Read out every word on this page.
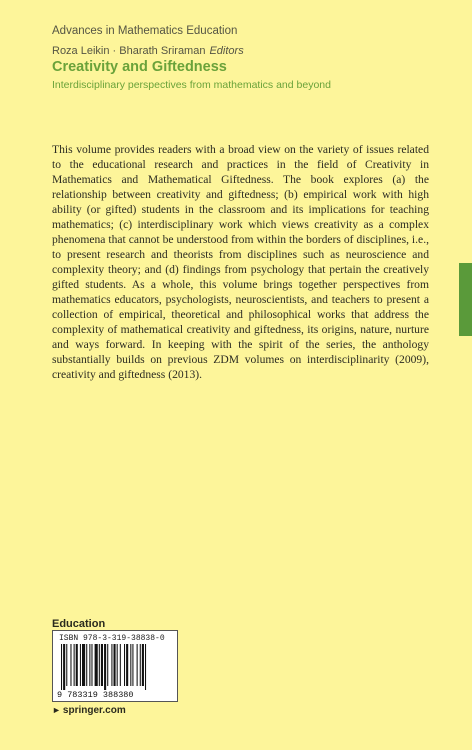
Advances in Mathematics Education
Roza Leikin · Bharath Sriraman Editors
Creativity and Giftedness
Interdisciplinary perspectives from mathematics and beyond

This volume provides readers with a broad view on the variety of issues related to the educational research and practices in the field of Creativity in Mathematics and Mathematical Giftedness. The book explores (a) the relationship between creativity and giftedness; (b) empirical work with high ability (or gifted) students in the classroom and its implications for teaching mathematics; (c) interdisciplinary work which views creativity as a complex phenomena that cannot be understood from within the borders of disciplines, i.e., to present research and theorists from disciplines such as neuroscience and complexity theory; and (d) findings from psychology that pertain the creatively gifted students. As a whole, this volume brings together perspectives from mathematics educators, psychologists, neuroscientists, and teachers to present a collection of empirical, theoretical and philosophical works that address the complexity of mathematical creativity and giftedness, its origins, nature, nurture and ways forward. In keeping with the spirit of the series, the anthology substantially builds on previous ZDM volumes on interdisciplinarity (2009), creativity and giftedness (2013).

Education
ISBN 978-3-319-38838-0
9 783319 388380
► springer.com
